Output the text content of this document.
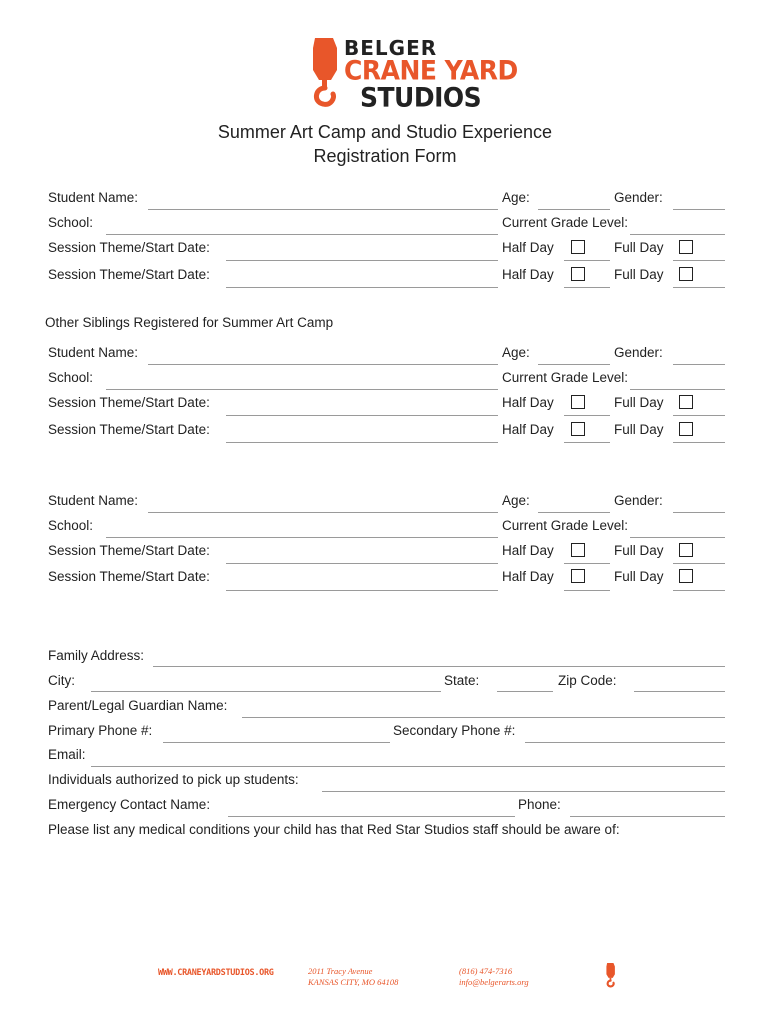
BELGER
CRANE YARD
STUDIOS
Summer Art Camp and Studio Experience
Registration Form
Student Name:	Age:	Gender:
School:	Current Grade Level:
Session Theme/Start Date:	Half Day	Full Day
Session Theme/Start Date:	Half Day	Full Day
Other Siblings Registered for Summer Art Camp
Student Name:	Age:	Gender:
School:	Current Grade Level:
Session Theme/Start Date:	Half Day	Full Day
Session Theme/Start Date:	Half Day	Full Day
Student Name:	Age:	Gender:
School:	Current Grade Level:
Session Theme/Start Date:	Half Day	Full Day
Session Theme/Start Date:	Half Day	Full Day
Family Address:
City:	State:	Zip Code:
Parent/Legal Guardian Name:
Primary Phone #:	Secondary Phone #:
Email:
Individuals authorized to pick up students:
Emergency Contact Name:	Phone:
Please list any medical conditions your child has that Red Star Studios staff should be aware of:
WWW.CRANEYARDSTUDIOS.ORG	2011 Tracy Avenue
KANSAS CITY, MO 64108
(816) 474-7316
info@belgerarts.org
